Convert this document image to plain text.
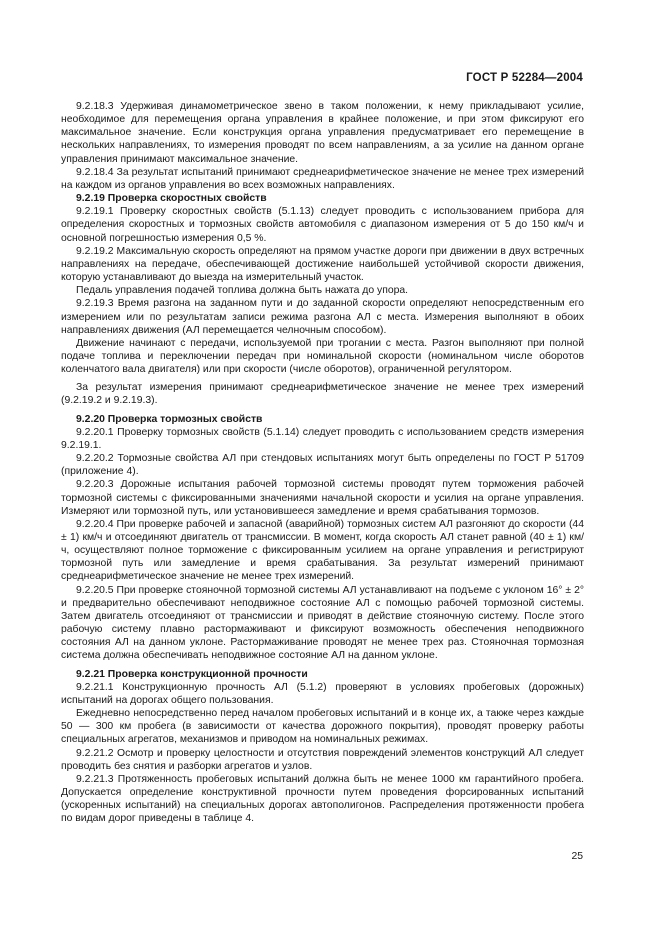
ГОСТ Р 52284—2004

9.2.18.3 Удерживая динамометрическое звено в таком положении, к нему прикладывают усилие, необходимое для перемещения органа управления в крайнее положение, и при этом фиксируют его максимальное значение. Если конструкция органа управления предусматривает его перемещение в нескольких направлениях, то измерения проводят по всем направлениям, а за усилие на данном органе управления принимают максимальное значение.

9.2.18.4 За результат испытаний принимают среднеарифметическое значение не менее трех измерений на каждом из органов управления во всех возможных направлениях.

9.2.19 Проверка скоростных свойств

9.2.19.1 Проверку скоростных свойств (5.1.13) следует проводить с использованием прибора для определения скоростных и тормозных свойств автомобиля с диапазоном измерения от 5 до 150 км/ч и основной погрешностью измерения 0,5 %.

9.2.19.2 Максимальную скорость определяют на прямом участке дороги при движении в двух встречных направлениях на передаче, обеспечивающей достижение наибольшей устойчивой скорости движения, которую устанавливают до выезда на измерительный участок.

Педаль управления подачей топлива должна быть нажата до упора.

9.2.19.3 Время разгона на заданном пути и до заданной скорости определяют непосредственным его измерением или по результатам записи режима разгона АЛ с места. Измерения выполняют в обоих направлениях движения (АЛ перемещается челночным способом).

Движение начинают с передачи, используемой при трогании с места. Разгон выполняют при полной подаче топлива и переключении передач при номинальной скорости (номинальном числе оборотов коленчатого вала двигателя) или при скорости (числе оборотов), ограниченной регулятором.

За результат измерения принимают среднеарифметическое значение не менее трех измерений (9.2.19.2 и 9.2.19.3).

9.2.20 Проверка тормозных свойств

9.2.20.1 Проверку тормозных свойств (5.1.14) следует проводить с использованием средств измерения 9.2.19.1.

9.2.20.2 Тормозные свойства АЛ при стендовых испытаниях могут быть определены по ГОСТ Р 51709 (приложение 4).

9.2.20.3 Дорожные испытания рабочей тормозной системы проводят путем торможения рабочей тормозной системы с фиксированными значениями начальной скорости и усилия на органе управления. Измеряют или тормозной путь, или установившееся замедление и время срабатывания тормозов.

9.2.20.4 При проверке рабочей и запасной (аварийной) тормозных систем АЛ разгоняют до скорости (44 ± 1) км/ч и отсоединяют двигатель от трансмиссии. В момент, когда скорость АЛ станет равной (40 ± 1) км/ч, осуществляют полное торможение с фиксированным усилием на органе управления и регистрируют тормозной путь или замедление и время срабатывания. За результат измерений принимают среднеарифметическое значение не менее трех измерений.

9.2.20.5 При проверке стояночной тормозной системы АЛ устанавливают на подъеме с уклоном 16° ± 2° и предварительно обеспечивают неподвижное состояние АЛ с помощью рабочей тормозной системы. Затем двигатель отсоединяют от трансмиссии и приводят в действие стояночную систему. После этого рабочую систему плавно растормаживают и фиксируют возможность обеспечения неподвижного состояния АЛ на данном уклоне. Растормаживание проводят не менее трех раз. Стояночная тормозная система должна обеспечивать неподвижное состояние АЛ на данном уклоне.

9.2.21 Проверка конструкционной прочности

9.2.21.1 Конструкционную прочность АЛ (5.1.2) проверяют в условиях пробеговых (дорожных) испытаний на дорогах общего пользования.

Ежедневно непосредственно перед началом пробеговых испытаний и в конце их, а также через каждые 50 — 300 км пробега (в зависимости от качества дорожного покрытия), проводят проверку работы специальных агрегатов, механизмов и приводом на номинальных режимах.

9.2.21.2 Осмотр и проверку целостности и отсутствия повреждений элементов конструкций АЛ следует проводить без снятия и разборки агрегатов и узлов.

9.2.21.3 Протяженность пробеговых испытаний должна быть не менее 1000 км гарантийного пробега. Допускается определение конструктивной прочности путем проведения форсированных испытаний (ускоренных испытаний) на специальных дорогах автополигонов. Распределения протяженности пробега по видам дорог приведены в таблице 4.

25
